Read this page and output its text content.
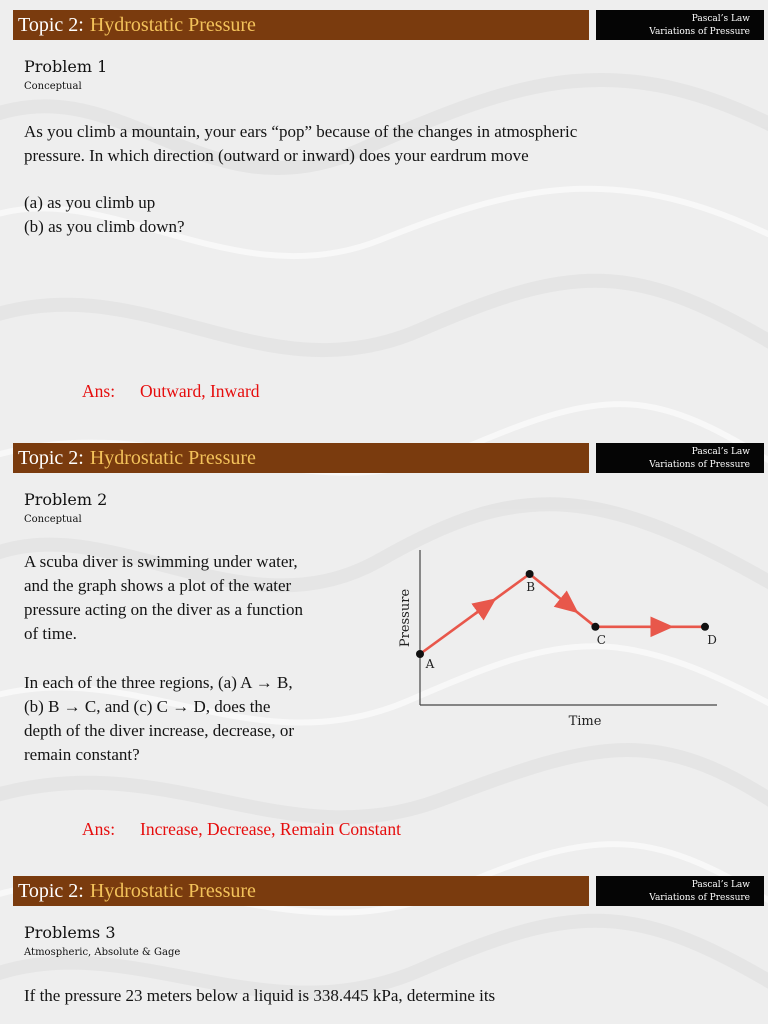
Topic 2: Hydrostatic Pressure	Pascal’s Law
Variations of Pressure
Problem 1
Conceptual
As you climb a mountain, your ears “pop” because of the changes in atmospheric
pressure. In which direction (outward or inward) does your eardrum move
(a) as you climb up
(b) as you climb down?
Ans: Outward, Inward
Topic 2: Hydrostatic Pressure	Pascal’s Law
Variations of Pressure
Problem 2
Conceptual
A scuba diver is swimming under water,
and the graph shows a plot of the water
pressure acting on the diver as a function
of time.
In each of the three regions, (a) A → B,
(b) B → C, and (c) C → D, does the
depth of the diver increase, decrease, or
remain constant?
Ans: Increase, Decrease, Remain Constant
Pressure
Time
A
B
C	D
Topic 2: Hydrostatic Pressure	Pascal’s Law
Variations of Pressure
Problems 3
Atmospheric, Absolute & Gage
If the pressure 23 meters below a liquid is 338.445 kPa, determine its
